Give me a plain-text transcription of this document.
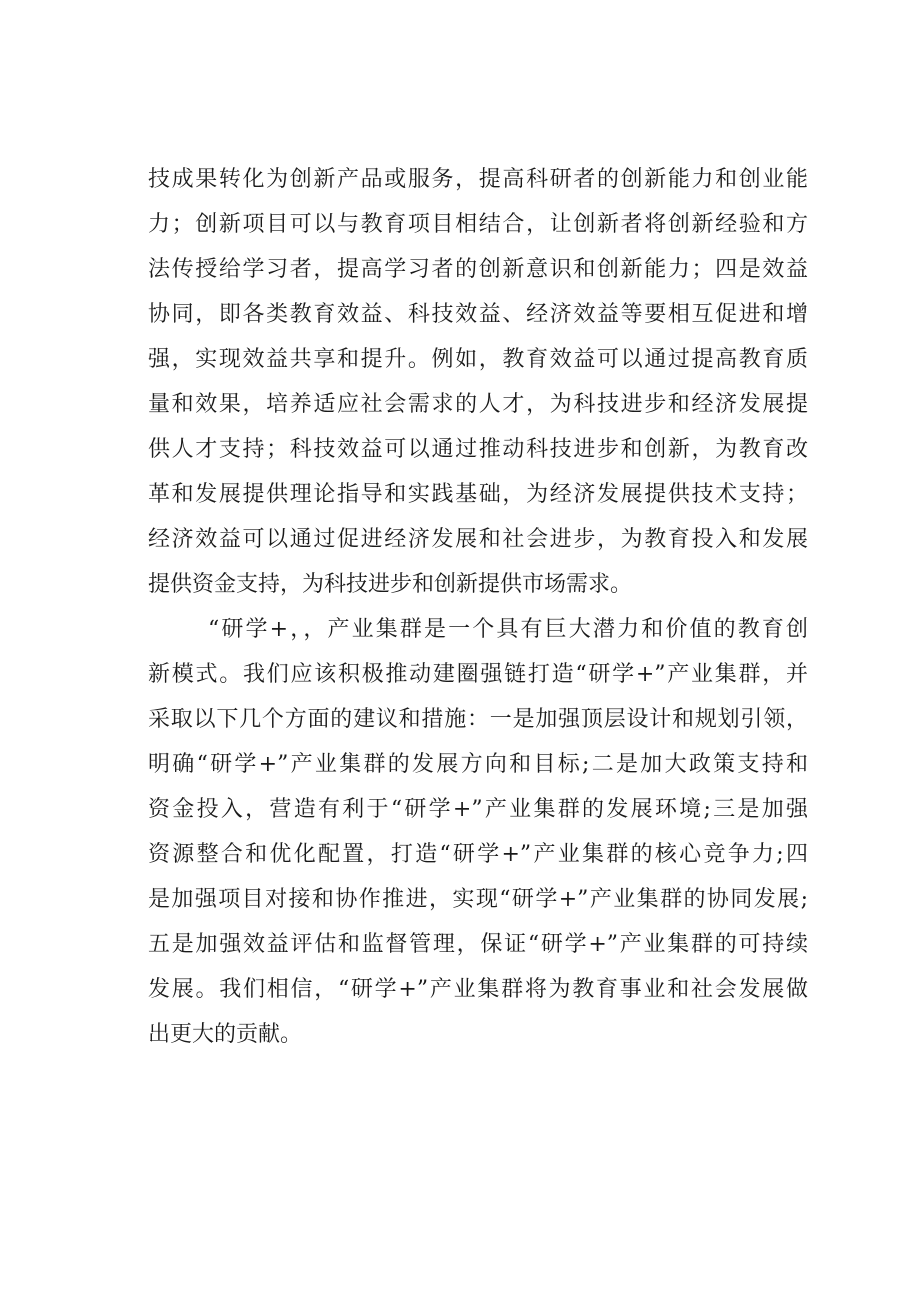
技成果转化为创新产品或服务，提高科研者的创新能力和创业能

力；创新项目可以与教育项目相结合，让创新者将创新经验和方

法传授给学习者，提高学习者的创新意识和创新能力；四是效益

协同，即各类教育效益、科技效益、经济效益等要相互促进和增

强，实现效益共享和提升。例如，教育效益可以通过提高教育质

量和效果，培养适应社会需求的人才，为科技进步和经济发展提

供人才支持；科技效益可以通过推动科技进步和创新，为教育改

革和发展提供理论指导和实践基础，为经济发展提供技术支持；

经济效益可以通过促进经济发展和社会进步，为教育投入和发展

提供资金支持，为科技进步和创新提供市场需求。

“研学+，，产业集群是一个具有巨大潜力和价值的教育创

新模式。我们应该积极推动建圈强链打造“研学+”产业集群，并

采取以下几个方面的建议和措施：一是加强顶层设计和规划引领，

明确“研学+”产业集群的发展方向和目标;二是加大政策支持和

资金投入，营造有利于“研学+”产业集群的发展环境;三是加强

资源整合和优化配置，打造“研学+”产业集群的核心竞争力;四

是加强项目对接和协作推进，实现“研学+”产业集群的协同发展;

五是加强效益评估和监督管理，保证“研学+”产业集群的可持续

发展。我们相信，“研学+”产业集群将为教育事业和社会发展做

出更大的贡献。
